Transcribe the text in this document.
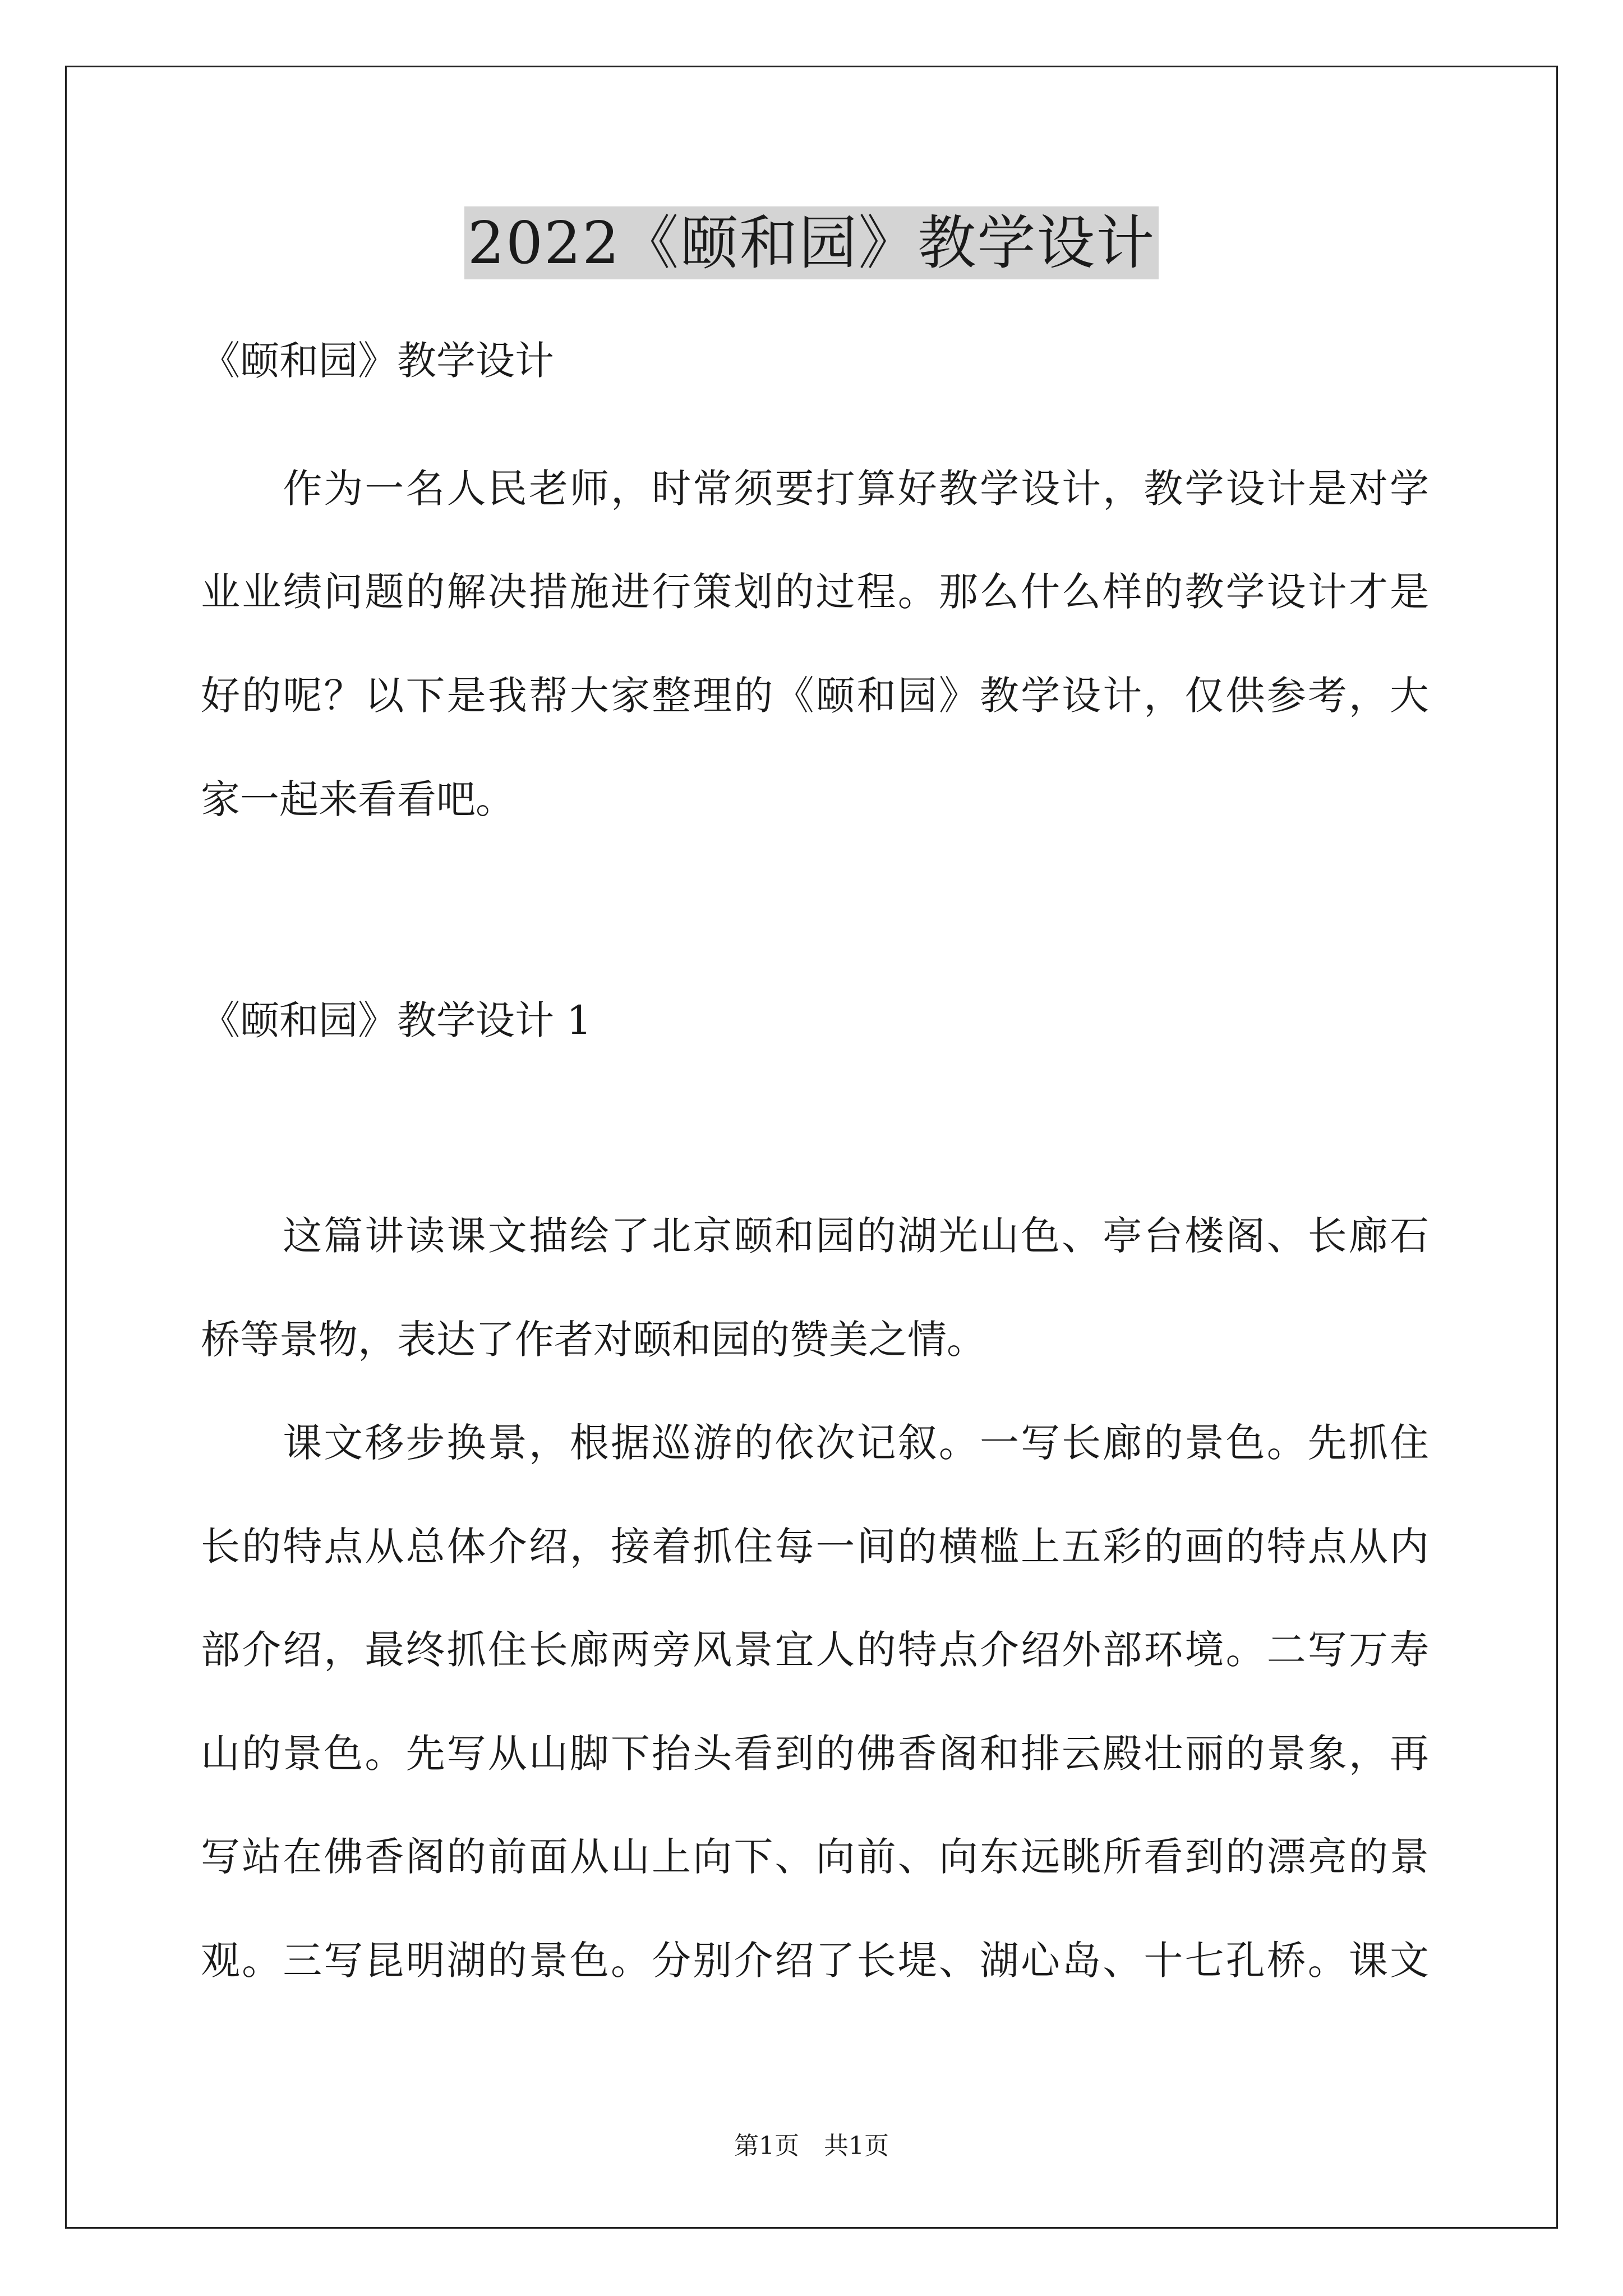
2022《颐和园》教学设计
《颐和园》教学设计
　　作为一名人民老师，时常须要打算好教学设计，教学设计是对学
业业绩问题的解决措施进行策划的过程。那么什么样的教学设计才是
好的呢？以下是我帮大家整理的《颐和园》教学设计，仅供参考，大
家一起来看看吧。
《颐和园》教学设计 1
　　这篇讲读课文描绘了北京颐和园的湖光山色、亭台楼阁、长廊石
桥等景物，表达了作者对颐和园的赞美之情。
　　课文移步换景，根据巡游的依次记叙。一写长廊的景色。先抓住
长的特点从总体介绍，接着抓住每一间的横槛上五彩的画的特点从内
部介绍，最终抓住长廊两旁风景宜人的特点介绍外部环境。二写万寿
山的景色。先写从山脚下抬头看到的佛香阁和排云殿壮丽的景象，再
写站在佛香阁的前面从山上向下、向前、向东远眺所看到的漂亮的景
观。三写昆明湖的景色。分别介绍了长堤、湖心岛、十七孔桥。课文
第1页　共1页
